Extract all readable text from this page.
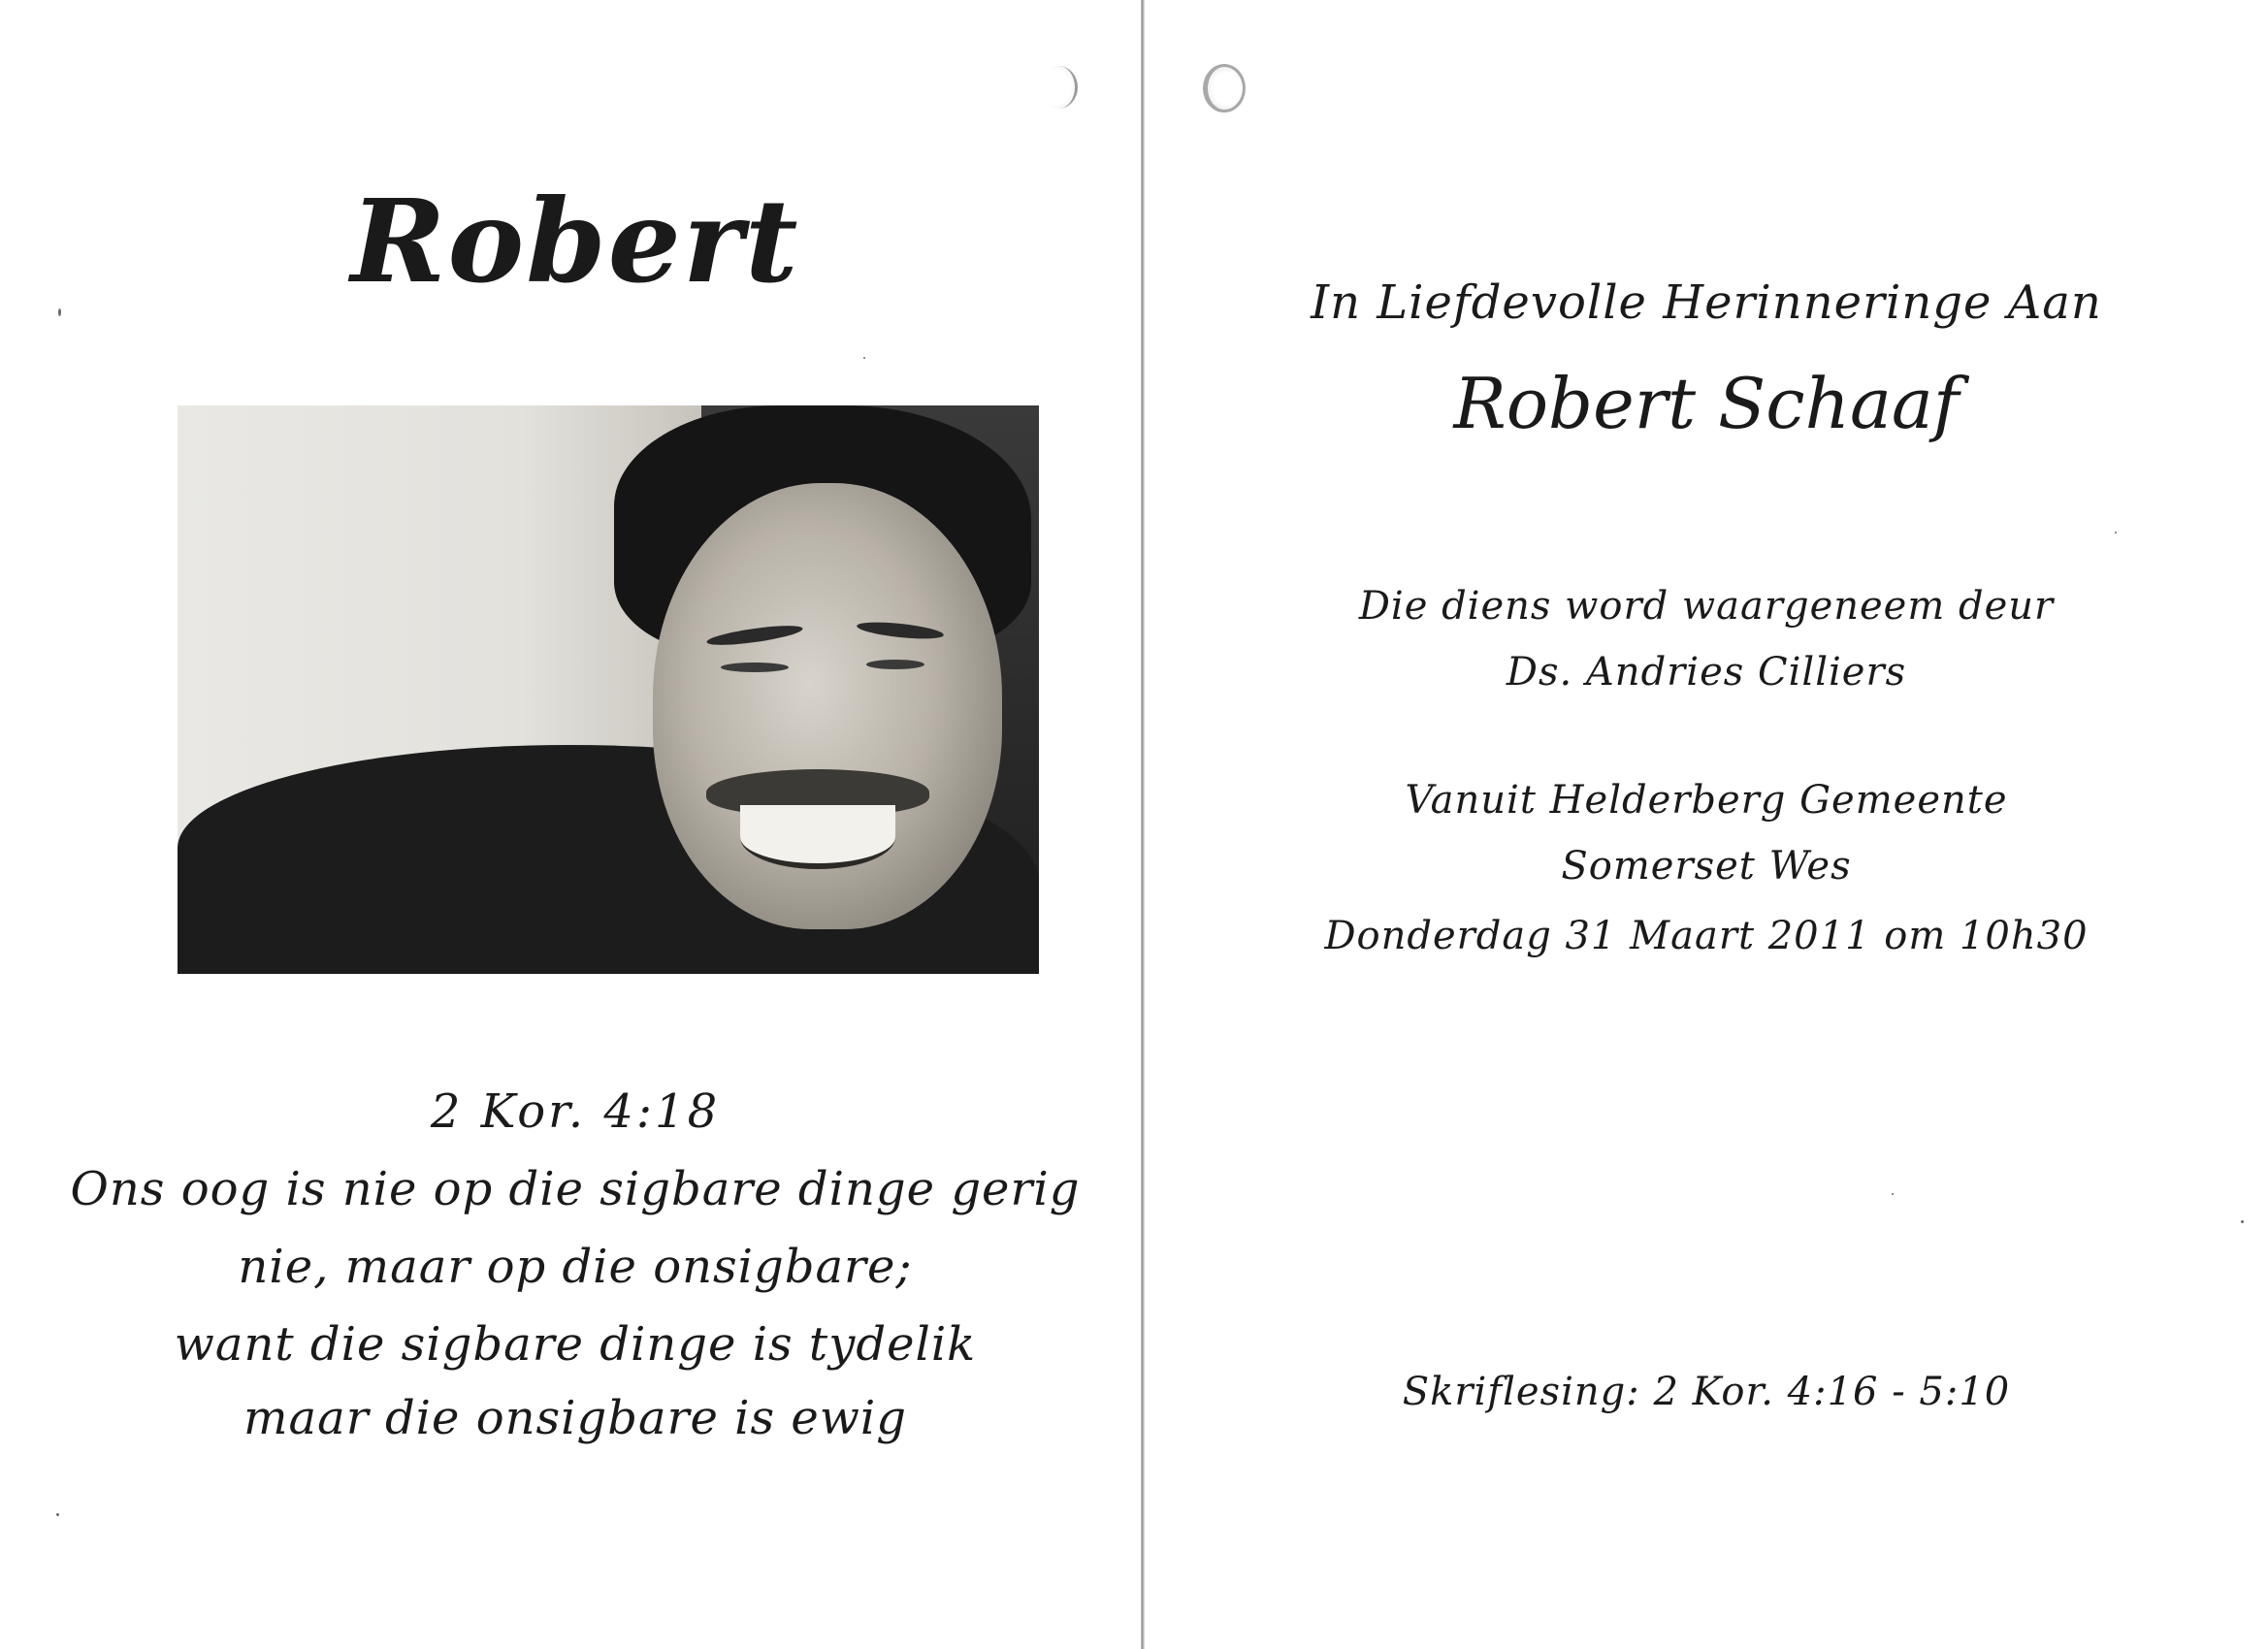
Robert

2 Kor. 4:18

Ons oog is nie op die sigbare dinge gerig

nie, maar op die onsigbare;

want die sigbare dinge is tydelik

maar die onsigbare is ewig

In Liefdevolle Herinneringe Aan

Robert Schaaf

Die diens word waargeneem deur

Ds. Andries Cilliers

Vanuit Helderberg Gemeente

Somerset Wes

Donderdag 31 Maart 2011 om 10h30

Skriflesing: 2 Kor. 4:16 - 5:10
